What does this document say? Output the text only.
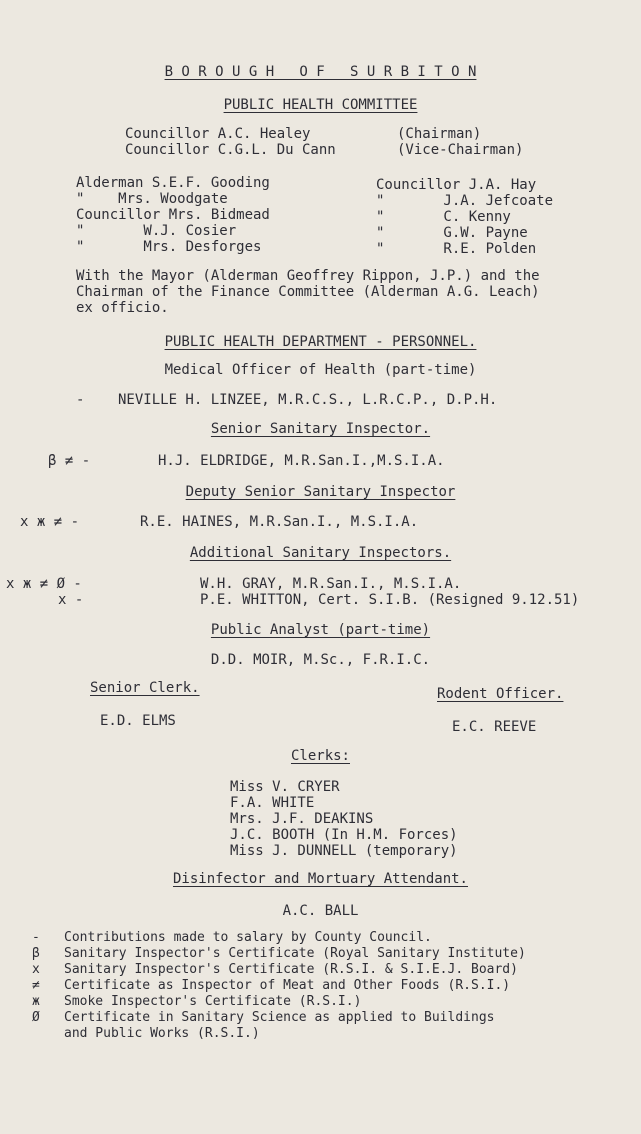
B O R O U G H   O F   S U R B I T O N
PUBLIC HEALTH COMMITTEE
Councillor A.C. Healey	(Chairman)
Councillor C.G.L. Du Cann	(Vice-Chairman)
Alderman S.E.F. Gooding
"    Mrs. Woodgate
Councillor Mrs. Bidmead
"       W.J. Cosier
"       Mrs. Desforges
Councillor J.A. Hay
"       J.A. Jefcoate
"       C. Kenny
"       G.W. Payne
"       R.E. Polden
With the Mayor (Alderman Geoffrey Rippon, J.P.) and the
Chairman of the Finance Committee (Alderman A.G. Leach)
ex officio.
PUBLIC HEALTH DEPARTMENT - PERSONNEL.
Medical Officer of Health (part-time)
- NEVILLE H. LINZEE, M.R.C.S., L.R.C.P., D.P.H.
Senior Sanitary Inspector.
β ≠ -	H.J. ELDRIDGE, M.R.San.I.,M.S.I.A.
Deputy Senior Sanitary Inspector
x ж ≠ -	R.E. HAINES, M.R.San.I., M.S.I.A.
Additional Sanitary Inspectors.
x ж ≠ Ø -	W.H. GRAY, M.R.San.I., M.S.I.A.
x -	P.E. WHITTON, Cert. S.I.B. (Resigned 9.12.51)
Public Analyst (part-time)
D.D. MOIR, M.Sc., F.R.I.C.
Senior Clerk.	Rodent Officer.
E.D. ELMS	E.C. REEVE
Clerks:
Miss V. CRYER
F.A. WHITE
Mrs. J.F. DEAKINS
J.C. BOOTH (In H.M. Forces)
Miss J. DUNNELL (temporary)
Disinfector and Mortuary Attendant.
A.C. BALL
- Contributions made to salary by County Council.
β Sanitary Inspector's Certificate (Royal Sanitary Institute)
x Sanitary Inspector's Certificate (R.S.I. & S.I.E.J. Board)
≠ Certificate as Inspector of Meat and Other Foods (R.S.I.)
ж Smoke Inspector's Certificate (R.S.I.)
Ø Certificate in Sanitary Science as applied to Buildings
and Public Works (R.S.I.)
